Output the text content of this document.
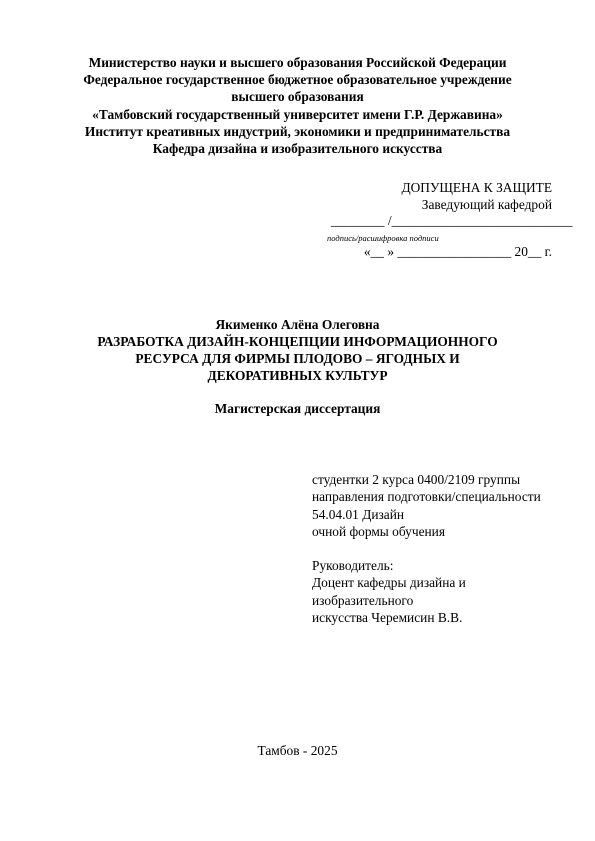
Министерство науки и высшего образования Российской Федерации
Федеральное государственное бюджетное образовательное учреждение
высшего образования
«Тамбовский государственный университет имени Г.Р. Державина»
Институт креативных индустрий, экономики и предпринимательства
Кафедра дизайна и изобразительного искусства
ДОПУЩЕНА К ЗАЩИТЕ
Заведующий кафедрой
________ /___________________________
подпись/расшифровка подписи
«__ » _________________ 20__ г.
Якименко Алёна Олеговна
РАЗРАБОТКА ДИЗАЙН-КОНЦЕПЦИИ ИНФОРМАЦИОННОГО
РЕСУРСА ДЛЯ ФИРМЫ ПЛОДОВО – ЯГОДНЫХ И
ДЕКОРАТИВНЫХ КУЛЬТУР
Магистерская диссертация
студентки 2 курса 0400/2109 группы
направления подготовки/специальности
54.04.01 Дизайн
очной формы обучения
Руководитель:
Доцент кафедры дизайна и
изобразительного
искусства Черемисин В.В.
Тамбов - 2025
